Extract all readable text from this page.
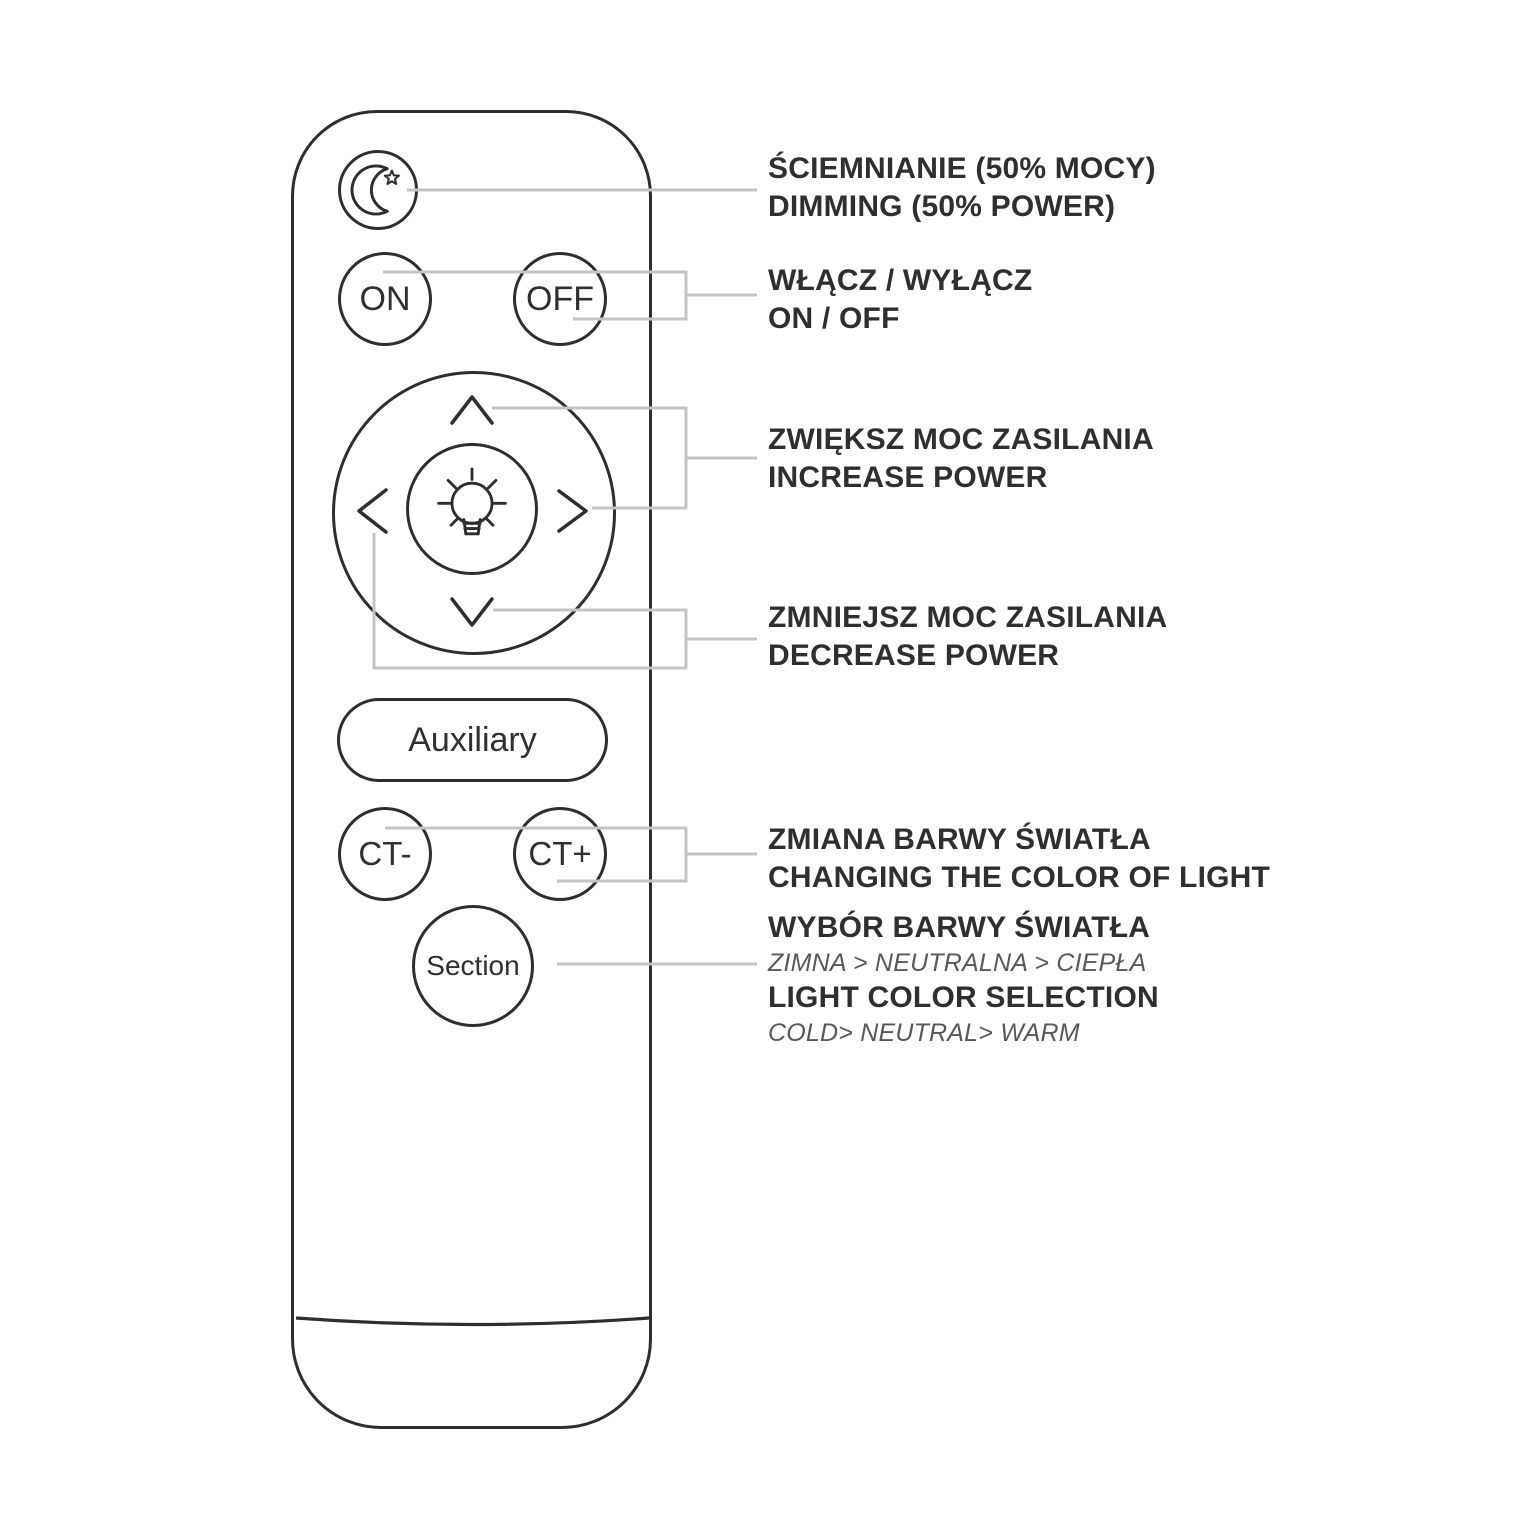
ON	OFF
Auxiliary
CT-	CT+
Section
ŚCIEMNIANIE (50% MOCY)
DIMMING (50% POWER)
WŁĄCZ / WYŁĄCZ
ON / OFF
ZWIĘKSZ MOC ZASILANIA
INCREASE POWER
ZMNIEJSZ MOC ZASILANIA
DECREASE POWER
ZMIANA BARWY ŚWIATŁA
CHANGING THE COLOR OF LIGHT
WYBÓR BARWY ŚWIATŁA
ZIMNA > NEUTRALNA > CIEPŁA
LIGHT COLOR SELECTION
COLD> NEUTRAL> WARM
